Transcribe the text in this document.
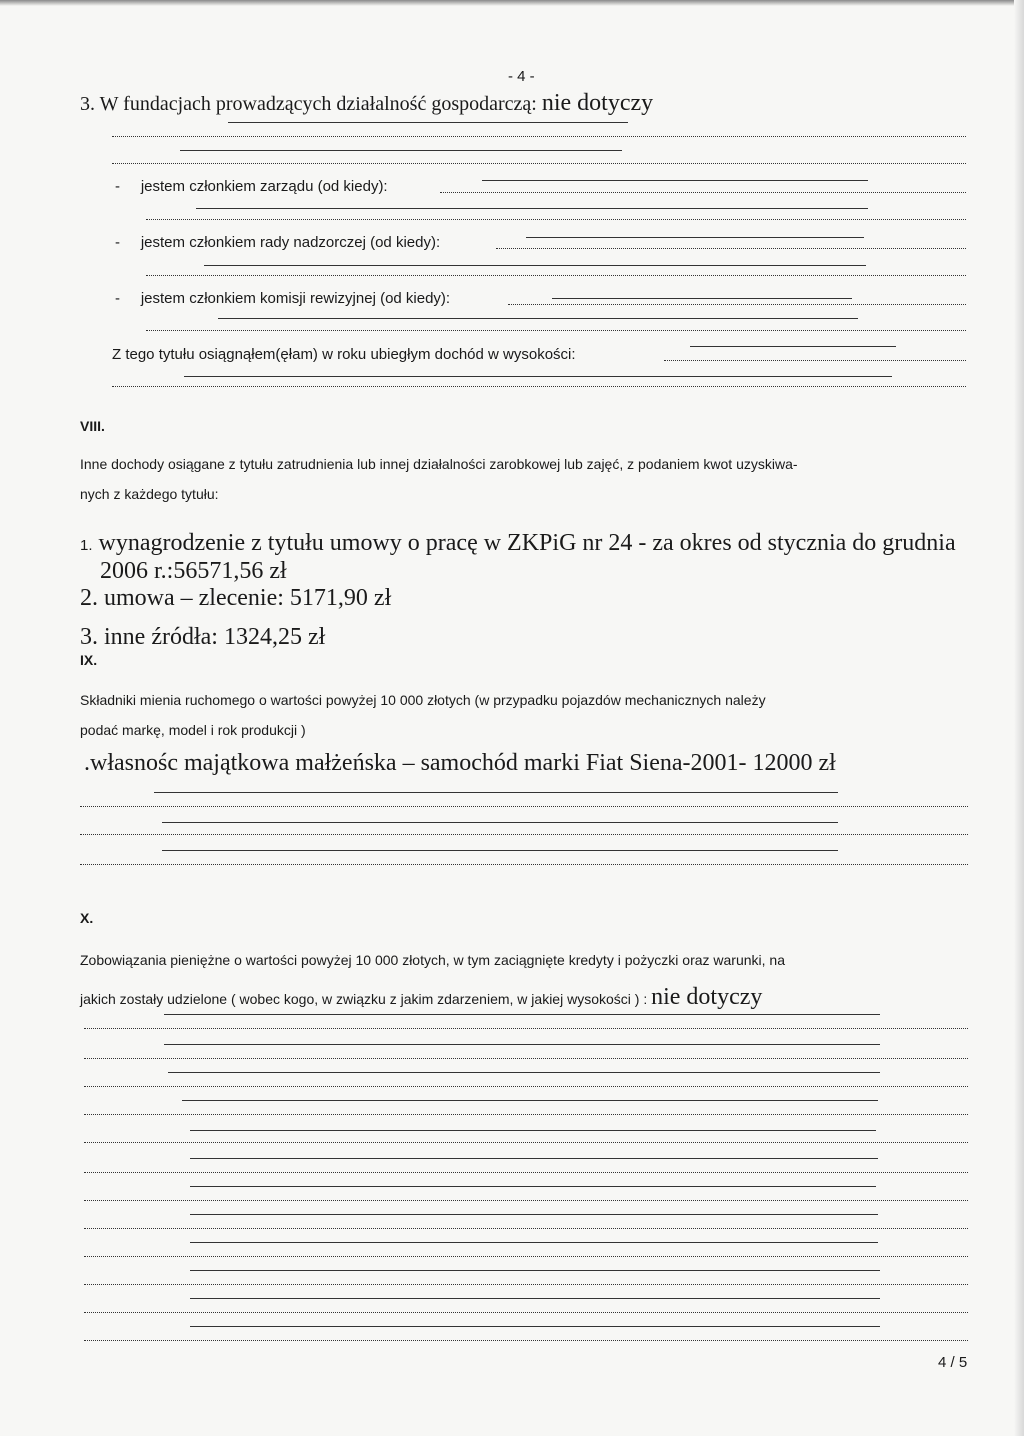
- 4 -
3. W fundacjach prowadzących działalność gospodarczą: nie dotyczy
- jestem członkiem zarządu (od kiedy):
- jestem członkiem rady nadzorczej (od kiedy):
- jestem członkiem komisji rewizyjnej (od kiedy):
Z tego tytułu osiągnąłem(ęłam) w roku ubiegłym dochód w wysokości:
VIII.
Inne dochody osiągane z tytułu zatrudnienia lub innej działalności zarobkowej lub zajęć, z podaniem kwot uzyskiwa-
nych z każdego tytułu:
1. wynagrodzenie z tytułu umowy o pracę w ZKPiG nr 24 - za okres od stycznia do grudnia
2006 r.:56571,56 zł
2. umowa – zlecenie: 5171,90 zł
3. inne źródła: 1324,25 zł
IX.
Składniki mienia ruchomego o wartości powyżej 10 000 złotych (w przypadku pojazdów mechanicznych należy
podać markę, model i rok produkcji )
.własnośc majątkowa małżeńska – samochód marki Fiat Siena-2001- 12000 zł
X.
Zobowiązania pieniężne o wartości powyżej 10 000 złotych, w tym zaciągnięte kredyty i pożyczki oraz warunki, na
jakich zostały udzielone ( wobec kogo, w związku z jakim zdarzeniem, w jakiej wysokości ) : nie dotyczy
4 / 5
